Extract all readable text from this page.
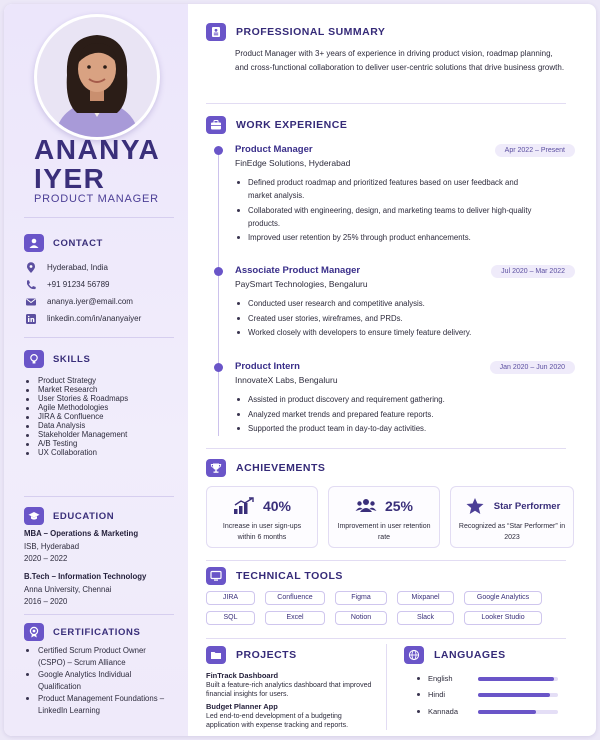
ANANYA
IYER
PRODUCT MANAGER
CONTACT
Hyderabad, India
+91 91234 56789
ananya.iyer@email.com
linkedin.com/in/ananyaiyer
SKILLS
Product Strategy
Market Research
User Stories & Roadmaps
Agile Methodologies
JIRA & Confluence
Data Analysis
Stakeholder Management
A/B Testing
UX Collaboration
EDUCATION
MBA – Operations & Marketing
ISB, Hyderabad
2020 – 2022
B.Tech – Information Technology
Anna University, Chennai
2016 – 2020
CERTIFICATIONS
Certified Scrum Product Owner (CSPO) – Scrum Alliance
Google Analytics Individual Qualification
Product Management Foundations – LinkedIn Learning
PROFESSIONAL SUMMARY
Product Manager with 3+ years of experience in driving product vision, roadmap planning, and cross-functional collaboration to deliver user-centric solutions that drive business growth.
WORK EXPERIENCE
Product Manager
FinEdge Solutions, Hyderabad
Apr 2022 – Present
Defined product roadmap and prioritized features based on user feedback and market analysis.
Collaborated with engineering, design, and marketing teams to deliver high-quality products.
Improved user retention by 25% through product enhancements.
Associate Product Manager
PaySmart Technologies, Bengaluru
Jul 2020 – Mar 2022
Conducted user research and competitive analysis.
Created user stories, wireframes, and PRDs.
Worked closely with developers to ensure timely feature delivery.
Product Intern
InnovateX Labs, Bengaluru
Jan 2020 – Jun 2020
Assisted in product discovery and requirement gathering.
Analyzed market trends and prepared feature reports.
Supported the product team in day-to-day activities.
ACHIEVEMENTS
40%
Increase in user sign-ups within 6 months
25%
Improvement in user retention rate
Star Performer
Recognized as “Star Performer” in 2023
TECHNICAL TOOLS
JIRA	Confluence	Figma	Mixpanel	Google Analytics
SQL	Excel	Notion	Slack	Looker Studio
PROJECTS
FinTrack Dashboard
Built a feature-rich analytics dashboard that improved financial insights for users.
Budget Planner App
Led end-to-end development of a budgeting application with expense tracking and reports.
LANGUAGES
English
Hindi
Kannada
